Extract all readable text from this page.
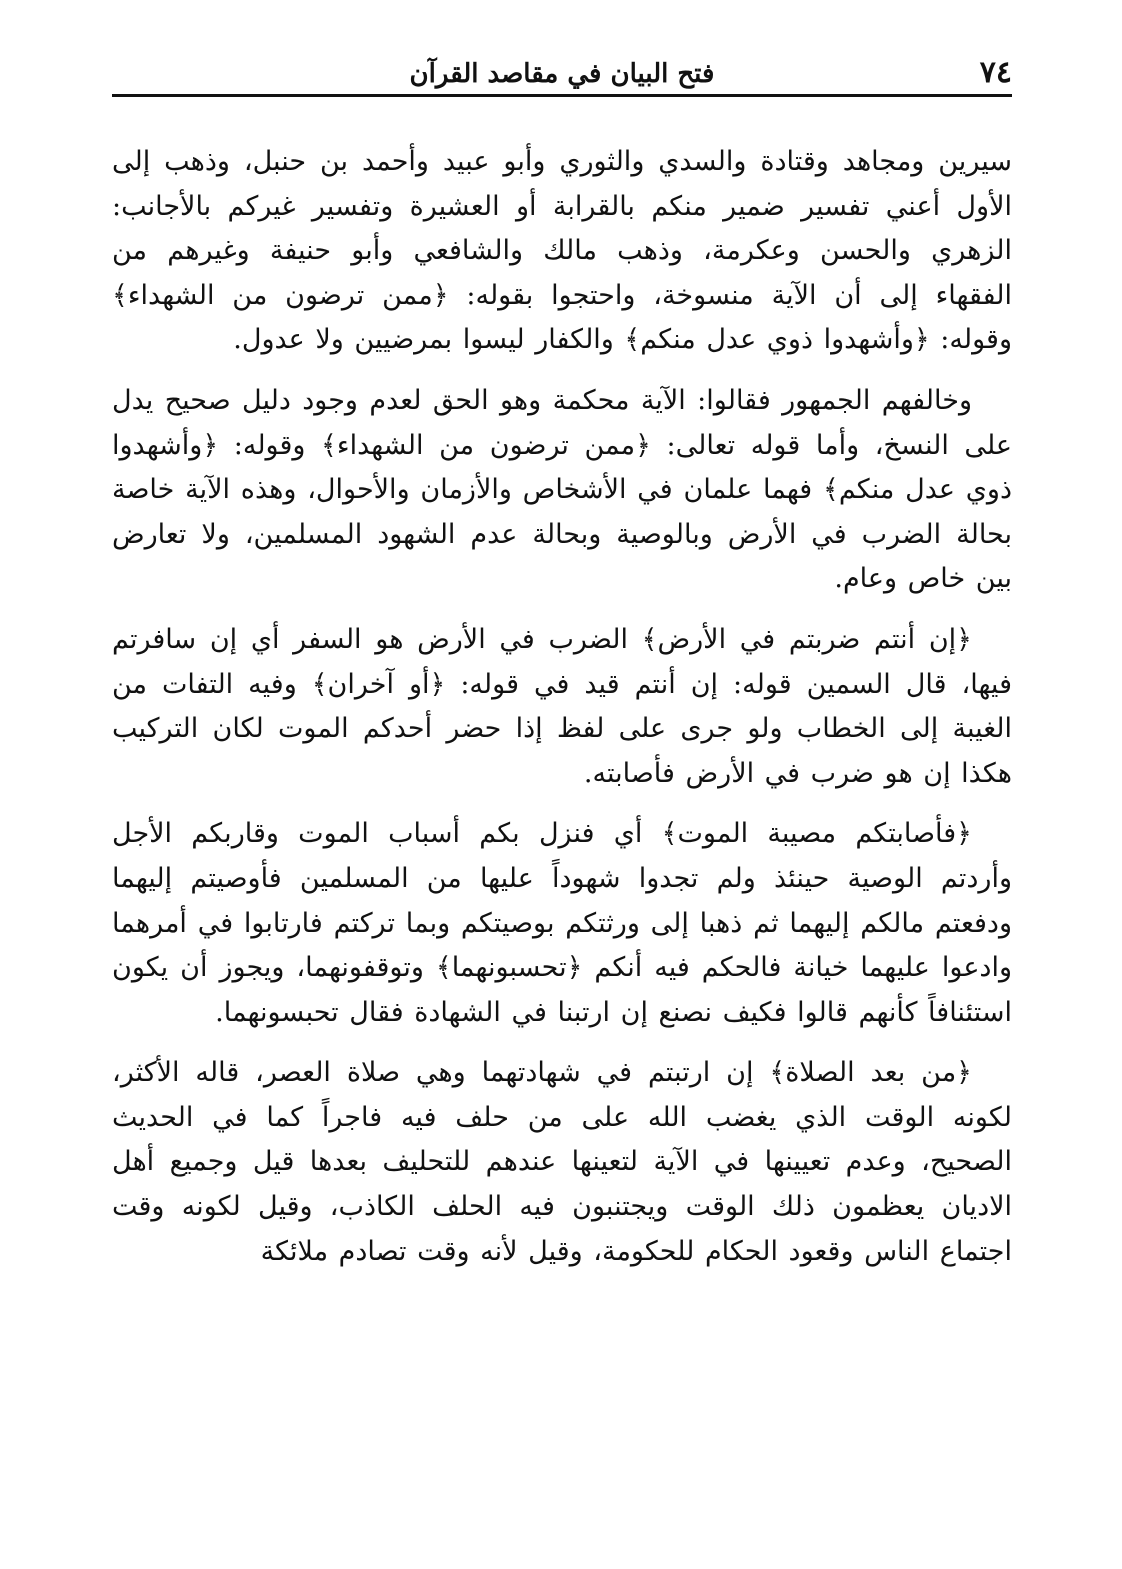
٧٤
فتح البيان في مقاصد القرآن

سيرين ومجاهد وقتادة والسدي والثوري وأبو عبيد وأحمد بن حنبل، وذهب إلى الأول أعني تفسير ضمير منكم بالقرابة أو العشيرة وتفسير غيركم بالأجانب: الزهري والحسن وعكرمة، وذهب مالك والشافعي وأبو حنيفة وغيرهم من الفقهاء إلى أن الآية منسوخة، واحتجوا بقوله: ﴿ممن ترضون من الشهداء﴾ وقوله: ﴿وأشهدوا ذوي عدل منكم﴾ والكفار ليسوا بمرضيين ولا عدول.

وخالفهم الجمهور فقالوا: الآية محكمة وهو الحق لعدم وجود دليل صحيح يدل على النسخ، وأما قوله تعالى: ﴿ممن ترضون من الشهداء﴾ وقوله: ﴿وأشهدوا ذوي عدل منكم﴾ فهما علمان في الأشخاص والأزمان والأحوال، وهذه الآية خاصة بحالة الضرب في الأرض وبالوصية وبحالة عدم الشهود المسلمين، ولا تعارض بين خاص وعام.

﴿إن أنتم ضربتم في الأرض﴾ الضرب في الأرض هو السفر أي إن سافرتم فيها، قال السمين قوله: إن أنتم قيد في قوله: ﴿أو آخران﴾ وفيه التفات من الغيبة إلى الخطاب ولو جرى على لفظ إذا حضر أحدكم الموت لكان التركيب هكذا إن هو ضرب في الأرض فأصابته.

﴿فأصابتكم مصيبة الموت﴾ أي فنزل بكم أسباب الموت وقاربكم الأجل وأردتم الوصية حينئذ ولم تجدوا شهوداً عليها من المسلمين فأوصيتم إليهما ودفعتم مالكم إليهما ثم ذهبا إلى ورثتكم بوصيتكم وبما تركتم فارتابوا في أمرهما وادعوا عليهما خيانة فالحكم فيه أنكم ﴿تحسبونهما﴾ وتوقفونهما، ويجوز أن يكون استئنافاً كأنهم قالوا فكيف نصنع إن ارتبنا في الشهادة فقال تحبسونهما.

﴿من بعد الصلاة﴾ إن ارتبتم في شهادتهما وهي صلاة العصر، قاله الأكثر، لكونه الوقت الذي يغضب الله على من حلف فيه فاجراً كما في الحديث الصحيح، وعدم تعيينها في الآية لتعينها عندهم للتحليف بعدها قيل وجميع أهل الاديان يعظمون ذلك الوقت ويجتنبون فيه الحلف الكاذب، وقيل لكونه وقت اجتماع الناس وقعود الحكام للحكومة، وقيل لأنه وقت تصادم ملائكة
